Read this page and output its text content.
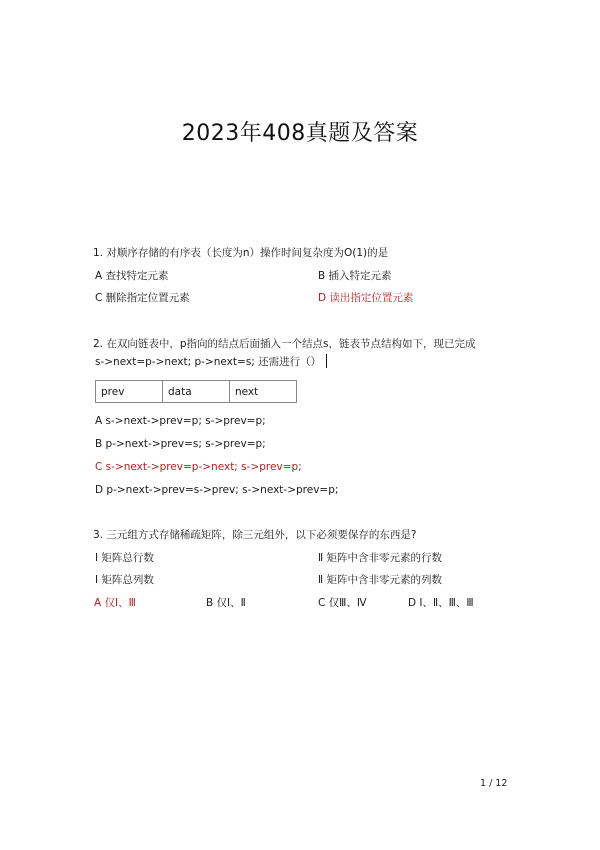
2023年408真题及答案
1. 对顺序存储的有序表（长度为n）操作时间复杂度为O(1)的是
A 查找特定元素	B 插入特定元素
C 删除指定位置元素	D 读出指定位置元素
2. 在双向链表中，p指向的结点后面插入一个结点s，链表节点结构如下，现已完成
s->next=p->next; p->next=s; 还需进行（）
prev	data	next
A s->next->prev=p; s->prev=p;
B p->next->prev=s; s->prev=p;
C s->next->prev=p->next; s->prev=p;
D p->next->prev=s->prev; s->next->prev=p;
3. 三元组方式存储稀疏矩阵，除三元组外，以下必须要保存的东西是?
Ⅰ 矩阵总行数	Ⅱ 矩阵中含非零元素的行数
Ⅰ 矩阵总列数	Ⅱ 矩阵中含非零元素的列数
A 仅Ⅰ、Ⅲ	B 仅Ⅰ、Ⅱ	C 仅Ⅲ、Ⅳ	D Ⅰ、Ⅱ、Ⅲ、Ⅲ
1 / 12
